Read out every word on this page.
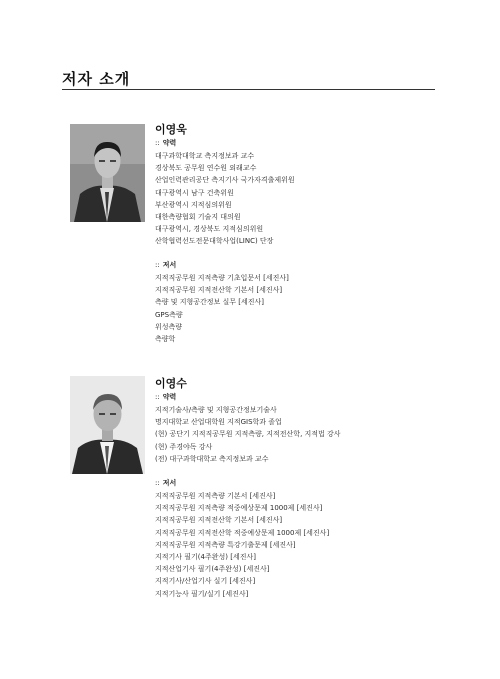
저자 소개
이영욱
:: 약력
대구과학대학교 측지정보과 교수
경상북도 공무원 연수원 외래교수
산업인력관리공단 측지기사 국가자격출제위원
대구광역시 남구 건축위원
부산광역시 지적심의위원
대한측량협회 기술지 대의원
대구광역시, 경상북도 지적심의위원
산학협력선도전문대학사업(LINC) 단장
:: 저서
지적직공무원 지적측량 기초입문서 [세진사]
지적직공무원 지적전산학 기본서 [세진사]
측량 및 지형공간정보 실무 [세진사]
GPS측량
위성측량
측량학
이영수
:: 약력
지적기술사/측량 및 지형공간정보기술사
명지대학교 산업대학원 지적GIS학과 졸업
(현) 공단기 지적직공무원 지적측량, 지적전산학, 지적법 강사
(현) 주경야독 강사
(전) 대구과학대학교 측지정보과 교수
:: 저서
지적직공무원 지적측량 기본서 [세진사]
지적직공무원 지적측량 적중예상문제 1000제 [세진사]
지적직공무원 지적전산학 기본서 [세진사]
지적직공무원 지적전산학 적중예상문제 1000제 [세진사]
지적직공무원 지적측량 특강기출문제 [세진사]
지적기사 필기(4주완성) [세진사]
지적산업기사 필기(4주완성) [세진사]
지적기사/산업기사 실기 [세진사]
지적기능사 필기/실기 [세진사]
